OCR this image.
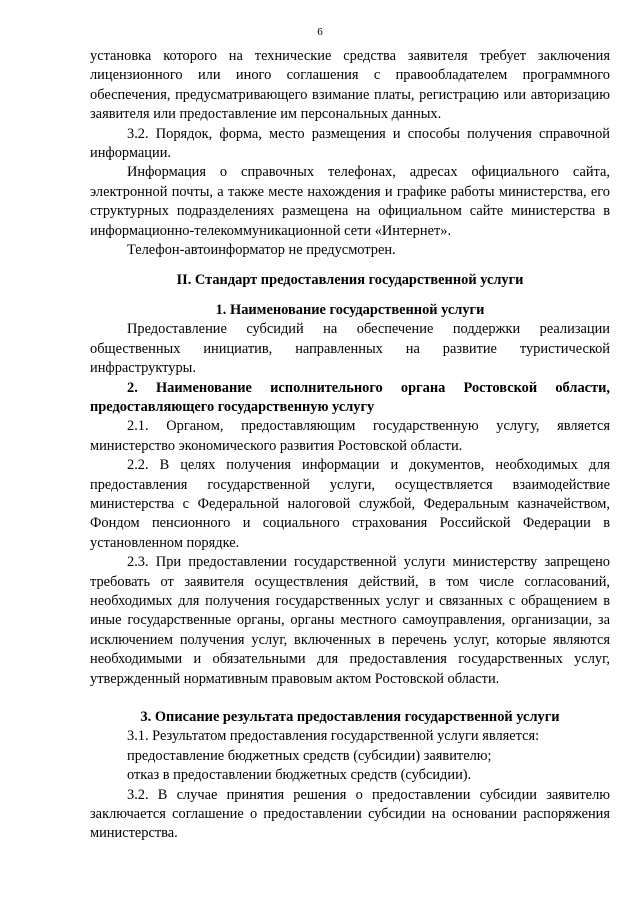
6

установка которого на технические средства заявителя требует заключения лицензионного или иного соглашения с правообладателем программного обеспечения, предусматривающего взимание платы, регистрацию или авторизацию заявителя или предоставление им персональных данных.

3.2. Порядок, форма, место размещения и способы получения справочной информации.

Информация о справочных телефонах, адресах официального сайта, электронной почты, а также месте нахождения и графике работы министерства, его структурных подразделениях размещена на официальном сайте министерства в информационно-телекоммуникационной сети «Интернет».

Телефон-автоинформатор не предусмотрен.

II. Стандарт предоставления государственной услуги

1. Наименование государственной услуги

Предоставление субсидий на обеспечение поддержки реализации общественных инициатив, направленных на развитие туристической инфраструктуры.

2. Наименование исполнительного органа Ростовской области, предоставляющего государственную услугу

2.1. Органом, предоставляющим государственную услугу, является министерство экономического развития Ростовской области.

2.2. В целях получения информации и документов, необходимых для предоставления государственной услуги, осуществляется взаимодействие министерства с Федеральной налоговой службой, Федеральным казначейством, Фондом пенсионного и социального страхования Российской Федерации в установленном порядке.

2.3. При предоставлении государственной услуги министерству запрещено требовать от заявителя осуществления действий, в том числе согласований, необходимых для получения государственных услуг и связанных с обращением в иные государственные органы, органы местного самоуправления, организации, за исключением получения услуг, включенных в перечень услуг, которые являются необходимыми и обязательными для предоставления государственных услуг, утвержденный нормативным правовым актом Ростовской области.

3. Описание результата предоставления государственной услуги

3.1. Результатом предоставления государственной услуги является:

предоставление бюджетных средств (субсидии) заявителю;

отказ в предоставлении бюджетных средств (субсидии).

3.2. В случае принятия решения о предоставлении субсидии заявителю заключается соглашение о предоставлении субсидии на основании распоряжения министерства.
